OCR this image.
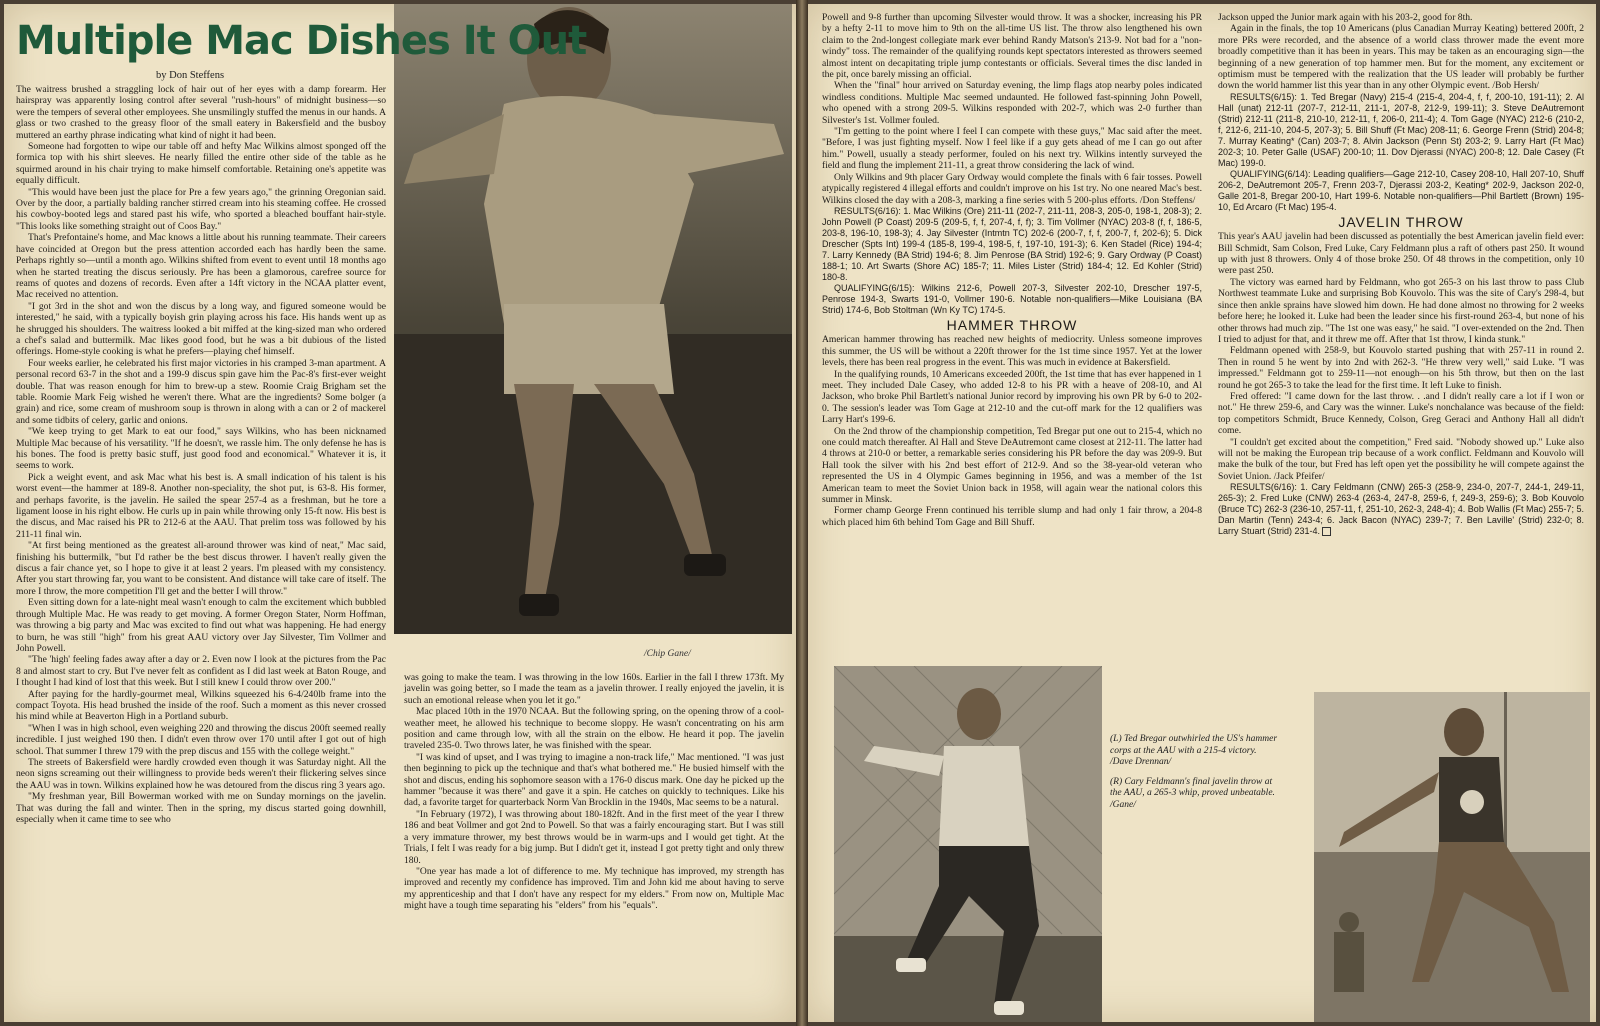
Multiple Mac Dishes It Out
by Don Steffens
/Chip Gane/

The waitress brushed a straggling lock of hair out of her eyes with a damp forearm. Her hairspray was apparently losing control after several "rush-hours" of midnight business—so were the tempers of several other employees. She unsmilingly stuffed the menus in our hands. A glass or two crashed to the greasy floor of the small eatery in Bakersfield and the busboy muttered an earthy phrase indicating what kind of night it had been.

Someone had forgotten to wipe our table off and hefty Mac Wilkins almost sponged off the formica top with his shirt sleeves. He nearly filled the entire other side of the table as he squirmed around in his chair trying to make himself comfortable. Retaining one's appetite was equally difficult.

"This would have been just the place for Pre a few years ago," the grinning Oregonian said. Over by the door, a partially balding rancher stirred cream into his steaming coffee. He crossed his cowboy-booted legs and stared past his wife, who sported a bleached bouffant hair-style. "This looks like something straight out of Coos Bay."

That's Prefontaine's home, and Mac knows a little about his running teammate. Their careers have coincided at Oregon but the press attention accorded each has hardly been the same. Perhaps rightly so—until a month ago. Wilkins shifted from event to event until 18 months ago when he started treating the discus seriously. Pre has been a glamorous, carefree source for reams of quotes and dozens of records. Even after a 14ft victory in the NCAA platter event, Mac received no attention.

"I got 3rd in the shot and won the discus by a long way, and figured someone would be interested," he said, with a typically boyish grin playing across his face. His hands went up as he shrugged his shoulders. The waitress looked a bit miffed at the king-sized man who ordered a chef's salad and buttermilk. Mac likes good food, but he was a bit dubious of the listed offerings. Home-style cooking is what he prefers—playing chef himself.

Four weeks earlier, he celebrated his first major victories in his cramped 3-man apartment. A personal record 63-7 in the shot and a 199-9 discus spin gave him the Pac-8's first-ever weight double. That was reason enough for him to brew-up a stew. Roomie Craig Brigham set the table. Roomie Mark Feig wished he weren't there. What are the ingredients? Some bolger (a grain) and rice, some cream of mushroom soup is thrown in along with a can or 2 of mackerel and some tidbits of celery, garlic and onions.

"We keep trying to get Mark to eat our food," says Wilkins, who has been nicknamed Multiple Mac because of his versatility. "If he doesn't, we rassle him. The only defense he has is his bones. The food is pretty basic stuff, just good food and economical." Whatever it is, it seems to work.

Pick a weight event, and ask Mac what his best is. A small indication of his talent is his worst event—the hammer at 189-8. Another non-speciality, the shot put, is 63-8. His former, and perhaps favorite, is the javelin. He sailed the spear 257-4 as a freshman, but he tore a ligament loose in his right elbow. He curls up in pain while throwing only 15-ft now. His best is the discus, and Mac raised his PR to 212-6 at the AAU. That prelim toss was followed by his 211-11 final win.

"At first being mentioned as the greatest all-around thrower was kind of neat," Mac said, finishing his buttermilk, "but I'd rather be the best discus thrower. I haven't really given the discus a fair chance yet, so I hope to give it at least 2 years. I'm pleased with my consistency. After you start throwing far, you want to be consistent. And distance will take care of itself. The more I throw, the more competition I'll get and the better I will throw."

Even sitting down for a late-night meal wasn't enough to calm the excitement which bubbled through Multiple Mac. He was ready to get moving. A former Oregon Stater, Norm Hoffman, was throwing a big party and Mac was excited to find out what was happening. He had energy to burn, he was still "high" from his great AAU victory over Jay Silvester, Tim Vollmer and John Powell.

"The 'high' feeling fades away after a day or 2. Even now I look at the pictures from the Pac 8 and almost start to cry. But I've never felt as confident as I did last week at Baton Rouge, and I thought I had kind of lost that this week. But I still knew I could throw over 200."

After paying for the hardly-gourmet meal, Wilkins squeezed his 6-4/240lb frame into the compact Toyota. His head brushed the inside of the roof. Such a moment as this never crossed his mind while at Beaverton High in a Portland suburb.

"When I was in high school, even weighing 220 and throwing the discus 200ft seemed really incredible. I just weighed 190 then. I didn't even throw over 170 until after I got out of high school. That summer I threw 179 with the prep discus and 155 with the college weight."

The streets of Bakersfield were hardly crowded even though it was Saturday night. All the neon signs screaming out their willingness to provide beds weren't their flickering selves since the AAU was in town. Wilkins explained how he was detoured from the discus ring 3 years ago.

"My freshman year, Bill Bowerman worked with me on Sunday mornings on the javelin. That was during the fall and winter. Then in the spring, my discus started going downhill, especially when it came time to see who

was going to make the team. I was throwing in the low 160s. Earlier in the fall I threw 173ft. My javelin was going better, so I made the team as a javelin thrower. I really enjoyed the javelin, it is such an emotional release when you let it go."

Mac placed 10th in the 1970 NCAA. But the following spring, on the opening throw of a cool-weather meet, he allowed his technique to become sloppy. He wasn't concentrating on his arm position and came through low, with all the strain on the elbow. He heard it pop. The javelin traveled 235-0. Two throws later, he was finished with the spear.

"I was kind of upset, and I was trying to imagine a non-track life," Mac mentioned. "I was just then beginning to pick up the technique and that's what bothered me." He busied himself with the shot and discus, ending his sophomore season with a 176-0 discus mark. One day he picked up the hammer "because it was there" and gave it a spin. He catches on quickly to techniques. Like his dad, a favorite target for quarterback Norm Van Brocklin in the 1940s, Mac seems to be a natural.

"In February (1972), I was throwing about 180-182ft. And in the first meet of the year I threw 186 and beat Vollmer and got 2nd to Powell. So that was a fairly encouraging start. But I was still a very immature thrower, my best throws would be in warm-ups and I would get tight. At the Trials, I felt I was ready for a big jump. But I didn't get it, instead I got pretty tight and only threw 180.

"One year has made a lot of difference to me. My technique has improved, my strength has improved and recently my confidence has improved. Tim and John kid me about having to serve my apprenticeship and that I don't have any respect for my elders." From now on, Multiple Mac might have a tough time separating his "elders" from his "equals".

Powell and 9-8 further than upcoming Silvester would throw. It was a shocker, increasing his PR by a hefty 2-11 to move him to 9th on the all-time US list. The throw also lengthened his own claim to the 2nd-longest collegiate mark ever behind Randy Matson's 213-9. Not bad for a "non-windy" toss. The remainder of the qualifying rounds kept spectators interested as throwers seemed almost intent on decapitating triple jump contestants or officials. Several times the disc landed in the pit, once barely missing an official.

When the "final" hour arrived on Saturday evening, the limp flags atop nearby poles indicated windless conditions. Multiple Mac seemed undaunted. He followed fast-spinning John Powell, who opened with a strong 209-5. Wilkins responded with 202-7, which was 2-0 further than Silvester's 1st. Vollmer fouled.

"I'm getting to the point where I feel I can compete with these guys," Mac said after the meet. "Before, I was just fighting myself. Now I feel like if a guy gets ahead of me I can go out after him." Powell, usually a steady performer, fouled on his next try. Wilkins intently surveyed the field and flung the implement 211-11, a great throw considering the lack of wind.

Only Wilkins and 9th placer Gary Ordway would complete the finals with 6 fair tosses. Powell atypically registered 4 illegal efforts and couldn't improve on his 1st try. No one neared Mac's best. Wilkins closed the day with a 208-3, marking a fine series with 5 200-plus efforts. /Don Steffens/

RESULTS(6/16): 1. Mac Wilkins (Ore) 211-11 (202-7, 211-11, 208-3, 205-0, 198-1, 208-3); 2. John Powell (P Coast) 209-5 (209-5, f, f, 207-4, f, f); 3. Tim Vollmer (NYAC) 203-8 (f, f, 186-5, 203-8, 196-10, 198-3); 4. Jay Silvester (Intmtn TC) 202-6 (200-7, f, f, 200-7, f, 202-6); 5. Dick Drescher (Spts Int) 199-4 (185-8, 199-4, 198-5, f, 197-10, 191-3); 6. Ken Stadel (Rice) 194-4; 7. Larry Kennedy (BA Strid) 194-6; 8. Jim Penrose (BA Strid) 192-6; 9. Gary Ordway (P Coast) 188-1; 10. Art Swarts (Shore AC) 185-7; 11. Miles Lister (Strid) 184-4; 12. Ed Kohler (Strid) 180-8.

QUALIFYING(6/15): Wilkins 212-6, Powell 207-3, Silvester 202-10, Drescher 197-5, Penrose 194-3, Swarts 191-0, Vollmer 190-6. Notable non-qualifiers—Mike Louisiana (BA Strid) 174-6, Bob Stoltman (Wn Ky TC) 174-5.

HAMMER THROW

American hammer throwing has reached new heights of mediocrity. Unless someone improves this summer, the US will be without a 220ft thrower for the 1st time since 1957. Yet at the lower levels, there has been real progress in the event. This was much in evidence at Bakersfield.

In the qualifying rounds, 10 Americans exceeded 200ft, the 1st time that has ever happened in 1 meet. They included Dale Casey, who added 12-8 to his PR with a heave of 208-10, and Al Jackson, who broke Phil Bartlett's national Junior record by improving his own PR by 6-0 to 202-0. The session's leader was Tom Gage at 212-10 and the cut-off mark for the 12 qualifiers was Larry Hart's 199-6.

On the 2nd throw of the championship competition, Ted Bregar put one out to 215-4, which no one could match thereafter. Al Hall and Steve DeAutremont came closest at 212-11. The latter had 4 throws at 210-0 or better, a remarkable series considering his PR before the day was 209-9. But Hall took the silver with his 2nd best effort of 212-9. And so the 38-year-old veteran who represented the US in 4 Olympic Games beginning in 1956, and was a member of the 1st American team to meet the Soviet Union back in 1958, will again wear the national colors this summer in Minsk.

Former champ George Frenn continued his terrible slump and had only 1 fair throw, a 204-8 which placed him 6th behind Tom Gage and Bill Shuff.

Jackson upped the Junior mark again with his 203-2, good for 8th.

Again in the finals, the top 10 Americans (plus Canadian Murray Keating) bettered 200ft, 2 more PRs were recorded, and the absence of a world class thrower made the event more broadly competitive than it has been in years. This may be taken as an encouraging sign—the beginning of a new generation of top hammer men. But for the moment, any excitement or optimism must be tempered with the realization that the US leader will probably be further down the world hammer list this year than in any other Olympic event. /Bob Hersh/

RESULTS(6/15): 1. Ted Bregar (Navy) 215-4 (215-4, 204-4, f, f, 200-10, 191-11); 2. Al Hall (unat) 212-11 (207-7, 212-11, 211-1, 207-8, 212-9, 199-11); 3. Steve DeAutremont (Strid) 212-11 (211-8, 210-10, 212-11, f, 206-0, 211-4); 4. Tom Gage (NYAC) 212-6 (210-2, f, 212-6, 211-10, 204-5, 207-3); 5. Bill Shuff (Ft Mac) 208-11; 6. George Frenn (Strid) 204-8; 7. Murray Keating* (Can) 203-7; 8. Alvin Jackson (Penn St) 203-2; 9. Larry Hart (Ft Mac) 202-3; 10. Peter Galle (USAF) 200-10; 11. Dov Djerassi (NYAC) 200-8; 12. Dale Casey (Ft Mac) 199-0.

QUALIFYING(6/14): Leading qualifiers—Gage 212-10, Casey 208-10, Hall 207-10, Shuff 206-2, DeAutremont 205-7, Frenn 203-7, Djerassi 203-2, Keating* 202-9, Jackson 202-0, Galle 201-8, Bregar 200-10, Hart 199-6. Notable non-qualifiers—Phil Bartlett (Brown) 195-10, Ed Arcaro (Ft Mac) 195-4.

JAVELIN THROW

This year's AAU javelin had been discussed as potentially the best American javelin field ever: Bill Schmidt, Sam Colson, Fred Luke, Cary Feldmann plus a raft of others past 250. It wound up with just 8 throwers. Only 4 of those broke 250. Of 48 throws in the competition, only 10 were past 250.

The victory was earned hard by Feldmann, who got 265-3 on his last throw to pass Club Northwest teammate Luke and surprising Bob Kouvolo. This was the site of Cary's 298-4, but since then ankle sprains have slowed him down. He had done almost no throwing for 2 weeks before here; he looked it. Luke had been the leader since his first-round 263-4, but none of his other throws had much zip. "The 1st one was easy," he said. "I over-extended on the 2nd. Then I tried to adjust for that, and it threw me off. After that 1st throw, I kinda stunk."

Feldmann opened with 258-9, but Kouvolo started pushing that with 257-11 in round 2. Then in round 5 he went by into 2nd with 262-3. "He threw very well," said Luke. "I was impressed." Feldmann got to 259-11—not enough—on his 5th throw, but then on the last round he got 265-3 to take the lead for the first time. It left Luke to finish.

Fred offered: "I came down for the last throw. . .and I didn't really care a lot if I won or not." He threw 259-6, and Cary was the winner. Luke's nonchalance was because of the field: top competitors Schmidt, Bruce Kennedy, Colson, Greg Geraci and Anthony Hall all didn't come.

"I couldn't get excited about the competition," Fred said. "Nobody showed up." Luke also will not be making the European trip because of a work conflict. Feldmann and Kouvolo will make the bulk of the tour, but Fred has left open yet the possibility he will compete against the Soviet Union. /Jack Pfeifer/

RESULTS(6/16): 1. Cary Feldmann (CNW) 265-3 (258-9, 234-0, 207-7, 244-1, 249-11, 265-3); 2. Fred Luke (CNW) 263-4 (263-4, 247-8, 259-6, f, 249-3, 259-6); 3. Bob Kouvolo (Bruce TC) 262-3 (236-10, 257-11, f, 251-10, 262-3, 248-4); 4. Bob Wallis (Ft Mac) 255-7; 5. Dan Martin (Tenn) 243-4; 6. Jack Bacon (NYAC) 239-7; 7. Ben Laville' (Strid) 232-0; 8. Larry Stuart (Strid) 231-4.

(L) Ted Bregar outwhirled the US's hammer corps at the AAU with a 215-4 victory. /Dave Drennan/

(R) Cary Feldmann's final javelin throw at the AAU, a 265-3 whip, proved unbeatable. /Gane/
